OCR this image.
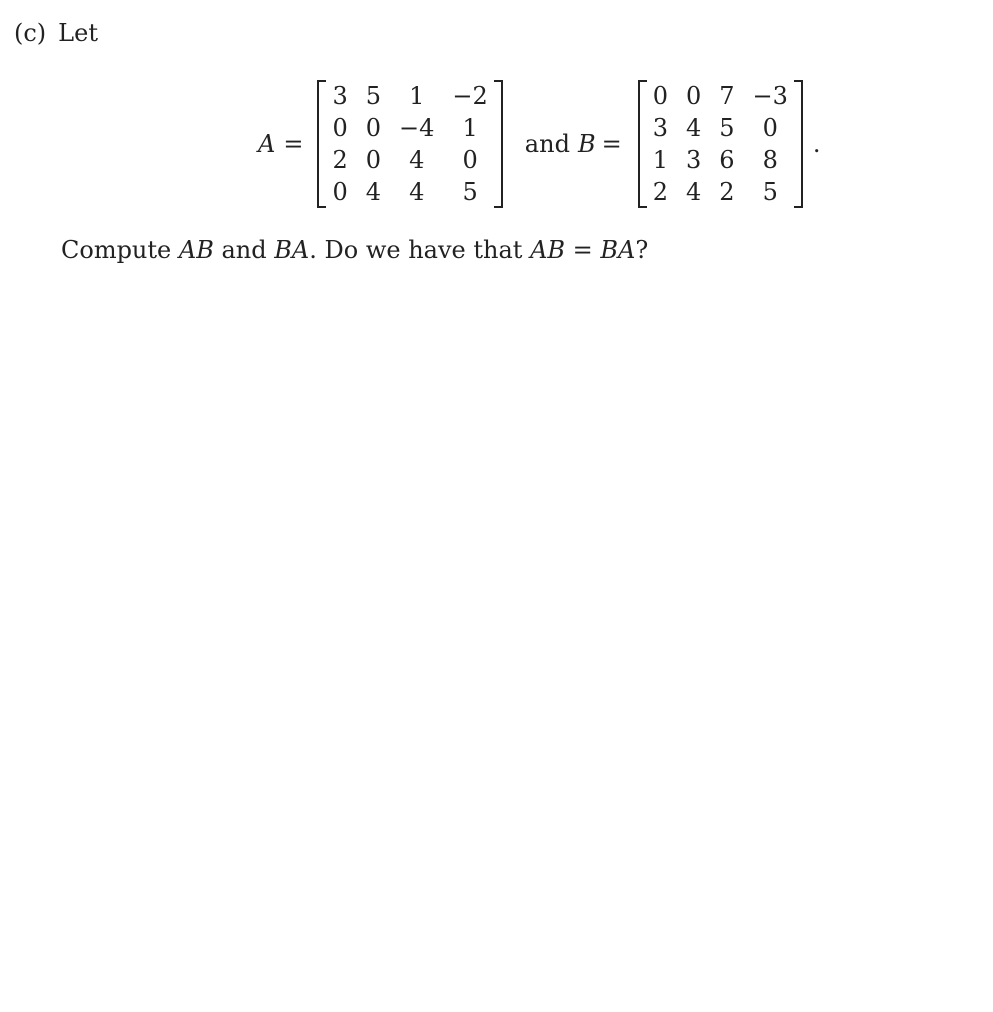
(c) Let
A =
3	5	1	−2
0	0	−4	1
2	0	4	0
0	4	4	5
and B =
0	0	7	−3
3	4	5	0
1	3	6	8
2	4	2	5
.
Compute AB and BA. Do we have that AB = BA?
